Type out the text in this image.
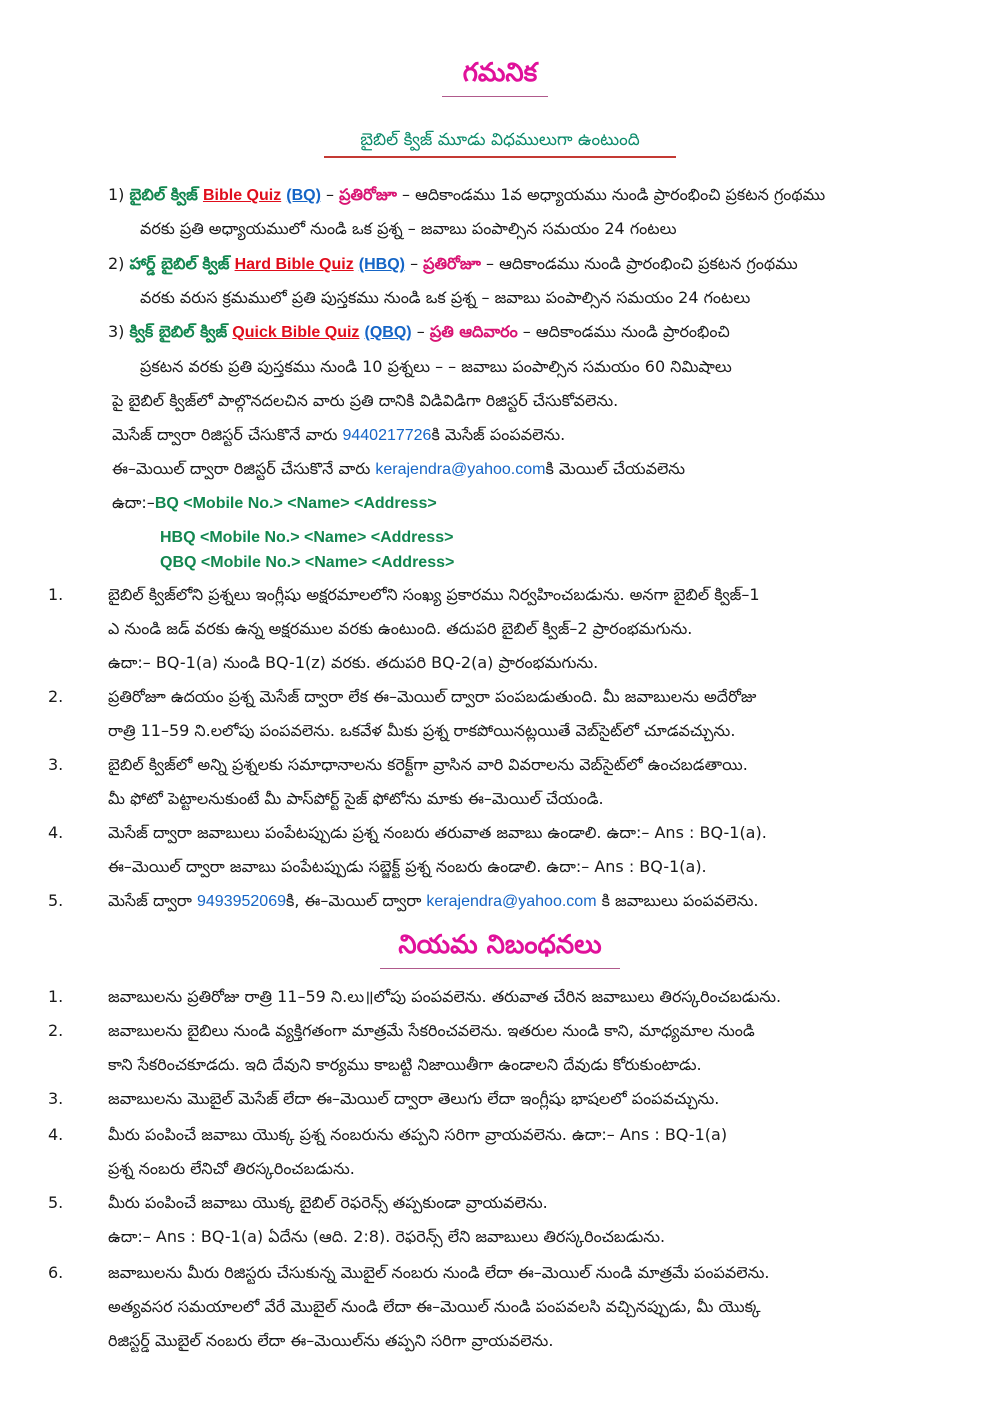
గమనిక
బైబిల్ క్విజ్ మూడు విధములుగా ఉంటుంది
1) బైబిల్ క్విజ్ Bible Quiz (BQ) – ప్రతిరోజూ – ఆదికాండము 1వ అధ్యాయము నుండి ప్రారంభించి ప్రకటన గ్రంథము
వరకు ప్రతి అధ్యాయములో నుండి ఒక ప్రశ్న – జవాబు పంపాల్సిన సమయం 24 గంటలు
2) హార్డ్ బైబిల్ క్విజ్ Hard Bible Quiz (HBQ) – ప్రతిరోజూ – ఆదికాండము నుండి ప్రారంభించి ప్రకటన గ్రంథము
వరకు వరుస క్రమములో ప్రతి పుస్తకము నుండి ఒక ప్రశ్న – జవాబు పంపాల్సిన సమయం 24 గంటలు
3) క్విక్ బైబిల్ క్విజ్ Quick Bible Quiz (QBQ) – ప్రతి ఆదివారం – ఆదికాండము నుండి ప్రారంభించి
ప్రకటన వరకు ప్రతి పుస్తకము నుండి 10 ప్రశ్నలు – – జవాబు పంపాల్సిన సమయం 60 నిమిషాలు
పై బైబిల్ క్విజ్‌లో పాల్గొనదలచిన వారు ప్రతి దానికి విడివిడిగా రిజిస్టర్ చేసుకోవలెను.
మెసేజ్ ద్వారా రిజిస్టర్ చేసుకొనే వారు 9440217726కి మెసేజ్ పంపవలెను.
ఈ–మెయిల్ ద్వారా రిజిస్టర్ చేసుకొనే వారు kerajendra@yahoo.comకి మెయిల్ చేయవలెను
ఉదా:–BQ <Mobile No.> <Name> <Address>
HBQ <Mobile No.> <Name> <Address>
QBQ <Mobile No.> <Name> <Address>
1.	బైబిల్ క్విజ్‌లోని ప్రశ్నలు ఇంగ్లీషు అక్షరమాలలోని సంఖ్య ప్రకారము నిర్వహించబడును. అనగా బైబిల్ క్విజ్–1
ఎ నుండి జడ్ వరకు ఉన్న అక్షరముల వరకు ఉంటుంది. తదుపరి బైబిల్ క్విజ్–2 ప్రారంభమగును.
ఉదా:– BQ-1(a) నుండి BQ-1(z) వరకు. తదుపరి BQ-2(a) ప్రారంభమగును.
2.	ప్రతిరోజూ ఉదయం ప్రశ్న మెసేజ్ ద్వారా లేక ఈ–మెయిల్ ద్వారా పంపబడుతుంది. మీ జవాబులను అదేరోజు
రాత్రి 11–59 ని.లలోపు పంపవలెను. ఒకవేళ మీకు ప్రశ్న రాకపోయినట్లయితే వెబ్‌సైట్‌లో చూడవచ్చును.
3.	బైబిల్ క్విజ్‌లో అన్ని ప్రశ్నలకు సమాధానాలను కరెక్ట్‌గా వ్రాసిన వారి వివరాలను వెబ్‌సైట్‌లో ఉంచబడతాయి.
మీ ఫోటో పెట్టాలనుకుంటే మీ పాస్‌పోర్ట్ సైజ్ ఫోటోను మాకు ఈ–మెయిల్ చేయండి.
4.	మెసేజ్ ద్వారా జవాబులు పంపేటప్పుడు ప్రశ్న నంబరు తరువాత జవాబు ఉండాలి. ఉదా:– Ans : BQ-1(a).
ఈ–మెయిల్ ద్వారా జవాబు పంపేటప్పుడు సబ్జెక్ట్ ప్రశ్న నంబరు ఉండాలి. ఉదా:– Ans : BQ-1(a).
5.	మెసేజ్ ద్వారా 9493952069కి, ఈ–మెయిల్ ద్వారా kerajendra@yahoo.com కి జవాబులు పంపవలెను.
నియమ నిబంధనలు
1.	జవాబులను ప్రతిరోజు రాత్రి 11–59 ని.లు॥లోపు పంపవలెను. తరువాత చేరిన జవాబులు తిరస్కరించబడును.
2.	జవాబులను బైబిలు నుండి వ్యక్తిగతంగా మాత్రమే సేకరించవలెను. ఇతరుల నుండి కాని, మాధ్యమాల నుండి
కాని సేకరించకూడదు. ఇది దేవుని కార్యము కాబట్టి నిజాయితీగా ఉండాలని దేవుడు కోరుకుంటాడు.
3.	జవాబులను మొబైల్ మెసేజ్ లేదా ఈ–మెయిల్ ద్వారా తెలుగు లేదా ఇంగ్లీషు భాషలలో పంపవచ్చును.
4.	మీరు పంపించే జవాబు యొక్క ప్రశ్న నంబరును తప్పని సరిగా వ్రాయవలెను. ఉదా:– Ans : BQ-1(a)
ప్రశ్న నంబరు లేనిచో తిరస్కరించబడును.
5.	మీరు పంపించే జవాబు యొక్క బైబిల్ రెఫరెన్స్ తప్పకుండా వ్రాయవలెను.
ఉదా:– Ans : BQ-1(a) ఏదేను (ఆది. 2:8). రెఫరెన్స్ లేని జవాబులు తిరస్కరించబడును.
6.	జవాబులను మీరు రిజిస్టరు చేసుకున్న మొబైల్ నంబరు నుండి లేదా ఈ–మెయిల్ నుండి మాత్రమే పంపవలెను.
అత్యవసర సమయాలలో వేరే మొబైల్ నుండి లేదా ఈ–మెయిల్ నుండి పంపవలసి వచ్చినప్పుడు, మీ యొక్క
రిజిస్టర్డ్ మొబైల్ నంబరు లేదా ఈ–మెయిల్‌ను తప్పని సరిగా వ్రాయవలెను.
